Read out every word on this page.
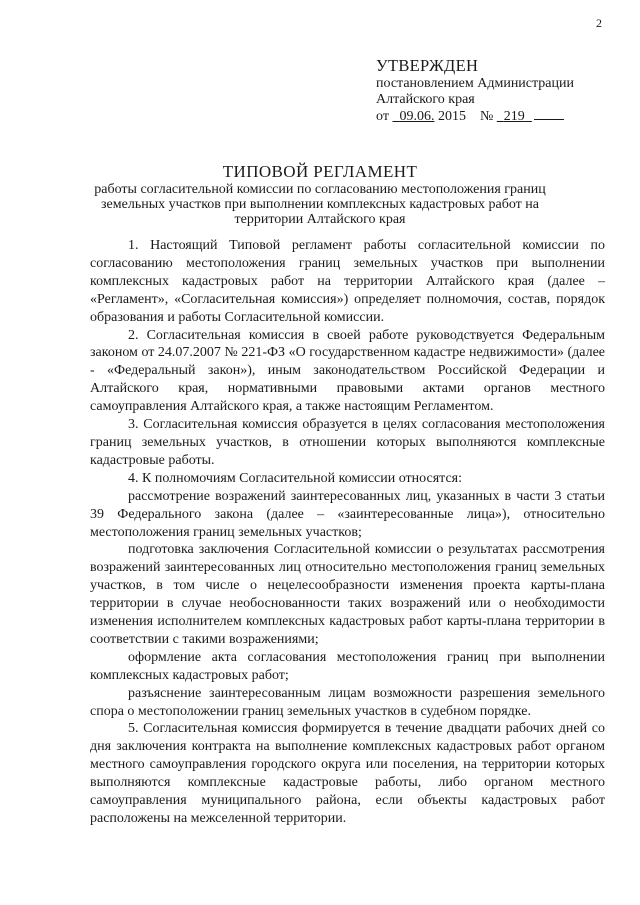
2
УТВЕРЖДЕН
постановлением Администрации
Алтайского края
от 09.06. 2015 № 219
ТИПОВОЙ РЕГЛАМЕНТ
работы согласительной комиссии по согласованию местоположения границ земельных участков при выполнении комплексных кадастровых работ на территории Алтайского края

1. Настоящий Типовой регламент работы согласительной комиссии по согласованию местоположения границ земельных участков при выполнении комплексных кадастровых работ на территории Алтайского края (далее – «Регламент», «Согласительная комиссия») определяет полномочия, состав, порядок образования и работы Согласительной комиссии.

2. Согласительная комиссия в своей работе руководствуется Федеральным законом от 24.07.2007 № 221-ФЗ «О государственном кадастре недвижимости» (далее - «Федеральный закон»), иным законодательством Российской Федерации и Алтайского края, нормативными правовыми актами органов местного самоуправления Алтайского края, а также настоящим Регламентом.

3. Согласительная комиссия образуется в целях согласования местоположения границ земельных участков, в отношении которых выполняются комплексные кадастровые работы.

4. К полномочиям Согласительной комиссии относятся:

рассмотрение возражений заинтересованных лиц, указанных в части 3 статьи 39 Федерального закона (далее – «заинтересованные лица»), относительно местоположения границ земельных участков;

подготовка заключения Согласительной комиссии о результатах рассмотрения возражений заинтересованных лиц относительно местоположения границ земельных участков, в том числе о нецелесообразности изменения проекта карты-плана территории в случае необоснованности таких возражений или о необходимости изменения исполнителем комплексных кадастровых работ карты-плана территории в соответствии с такими возражениями;

оформление акта согласования местоположения границ при выполнении комплексных кадастровых работ;

разъяснение заинтересованным лицам возможности разрешения земельного спора о местоположении границ земельных участков в судебном порядке.

5. Согласительная комиссия формируется в течение двадцати рабочих дней со дня заключения контракта на выполнение комплексных кадастровых работ органом местного самоуправления городского округа или поселения, на территории которых выполняются комплексные кадастровые работы, либо органом местного самоуправления муниципального района, если объекты кадастровых работ расположены на межселенной территории.
